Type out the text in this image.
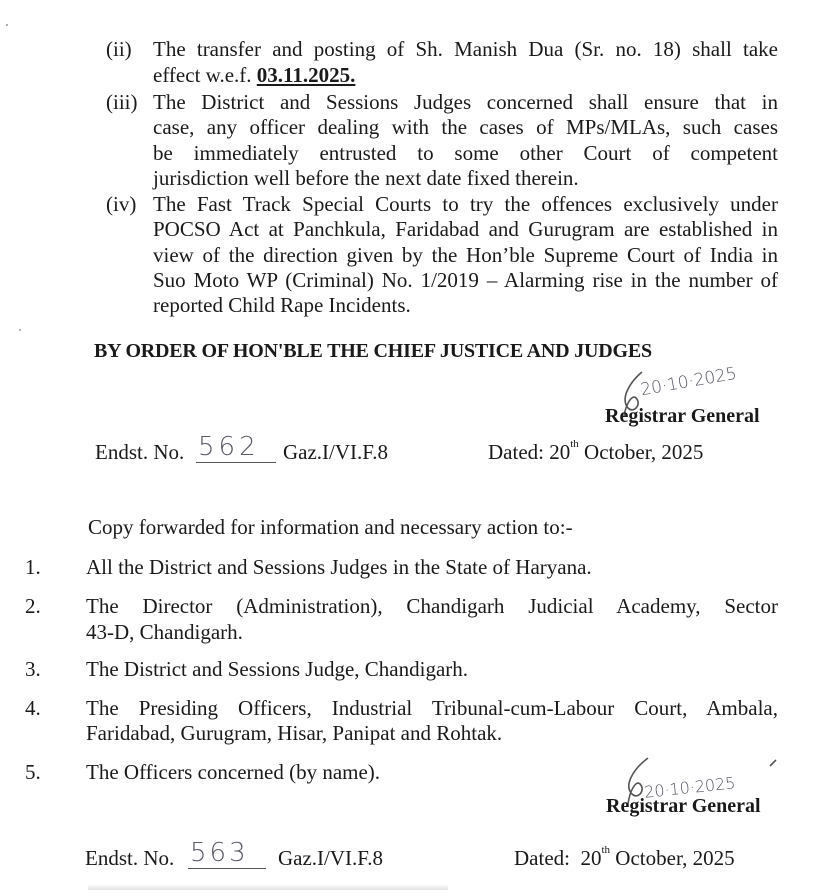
(ii) The transfer and posting of Sh. Manish Dua (Sr. no. 18) shall take
effect w.e.f. 03.11.2025.
(iii) The District and Sessions Judges concerned shall ensure that in
case, any officer dealing with the cases of MPs/MLAs, such cases
be immediately entrusted to some other Court of competent
jurisdiction well before the next date fixed therein.
(iv) The Fast Track Special Courts to try the offences exclusively under
POCSO Act at Panchkula, Faridabad and Gurugram are established in
view of the direction given by the Hon’ble Supreme Court of India in
Suo Moto WP (Criminal) No. 1/2019 – Alarming rise in the number of
reported Child Rape Incidents.
BY ORDER OF HON'BLE THE CHIEF JUSTICE AND JUDGES
20·10·2025
Registrar General
Endst. No. 562 Gaz.I/VI.F.8	Dated: 20th October, 2025
Copy forwarded for information and necessary action to:-
1. All the District and Sessions Judges in the State of Haryana.
2. The Director (Administration), Chandigarh Judicial Academy, Sector
43-D, Chandigarh.
3. The District and Sessions Judge, Chandigarh.
4. The Presiding Officers, Industrial Tribunal-cum-Labour Court, Ambala,
Faridabad, Gurugram, Hisar, Panipat and Rohtak.
5. The Officers concerned (by name).
20·10·2025
Registrar General
Endst. No. 563 Gaz.I/VI.F.8	Dated: 20th October, 2025
